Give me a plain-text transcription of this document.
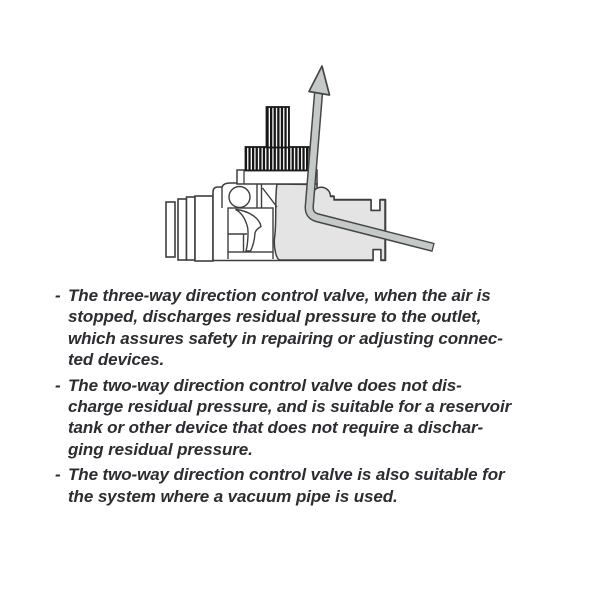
- The three-way direction control valve, when the air is
stopped, discharges residual pressure to the outlet,
which assures safety in repairing or adjusting connec-
ted devices.
- The two-way direction control valve does not dis-
charge residual pressure, and is suitable for a reservoir
tank or other device that does not require a dischar-
ging residual pressure.
- The two-way direction control valve is also suitable for
the system where a vacuum pipe is used.
